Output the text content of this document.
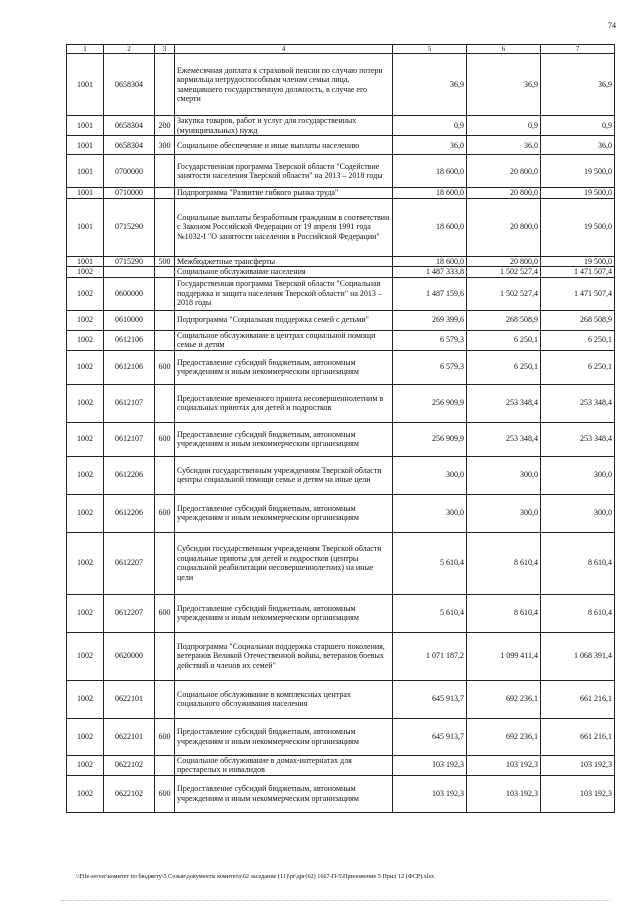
74
1	2	3	4	5	6	7
1001	0658304		Ежемесячная доплата к страховой пенсии по случаю потери кормильца нетрудоспособным членам семьи лица, замещавшего государственную должность, в случае его смерти	36,9	36,9	36,9
1001	0658304	200	Закупка товаров, работ и услуг для государственных (муниципальных) нужд	0,9	0,9	0,9
1001	0658304	300	Социальное обеспечение и иные выплаты населению	36,0	36,0	36,0
1001	0700000		Государственная программа Тверской области "Содействие занятости населения Тверской области" на 2013 – 2018 годы	18 600,0	20 800,0	19 500,0
1001	0710000		Подпрограмма "Развитие гибкого рынка труда"	18 600,0	20 800,0	19 500,0
1001	0715290		Социальные выплаты безработным гражданам в соответствии с Законом Российской Федерации от 19 апреля 1991 года №1032-I "О занятости населения в Российской Федерации"	18 600,0	20 800,0	19 500,0
1001	0715290	500	Межбюджетные трансферты	18 600,0	20 800,0	19 500,0
1002			Социальное обслуживание населения	1 487 333,8	1 502 527,4	1 471 507,4
1002	0600000		Государственная программа Тверской области "Социальная поддержка и защита населения Тверской области" на 2013 – 2018 годы	1 487 159,6	1 502 527,4	1 471 507,4
1002	0610000		Подпрограмма "Социальная поддержка семей с детьми"	269 399,6	268 508,9	268 508,9
1002	0612106		Социальное обслуживание в центрах социальной помощи семье и детям	6 579,3	6 250,1	6 250,1
1002	0612106	600	Предоставление субсидий бюджетным, автономным учреждениям и иным некоммерческим организациям	6 579,3	6 250,1	6 250,1
1002	0612107		Предоставление временного приюта несовершеннолетним в социальных приютах для детей и подростков	256 909,9	253 348,4	253 348,4
1002	0612107	600	Предоставление субсидий бюджетным, автономным учреждениям и иным некоммерческим организациям	256 909,9	253 348,4	253 348,4
1002	0612206		Субсидии государственным учреждениям Тверской области центры социальной помощи семье и детям на иные цели	300,0	300,0	300,0
1002	0612206	600	Предоставление субсидий бюджетным, автономным учреждениям и иным некоммерческим организациям	300,0	300,0	300,0
1002	0612207		Субсидии государственным учреждениям Тверской области социальные приюты для детей и подростков (центры социальной реабилитации несовершеннолетних) на иные цели	5 610,4	8 610,4	8 610,4
1002	0612207	600	Предоставление субсидий бюджетным, автономным учреждениям и иным некоммерческим организациям	5 610,4	8 610,4	8 610,4
1002	0620000		Подпрограмма "Социальная поддержка старшего поколения, ветеранов Великой Отечественной войны, ветеранов боевых действий и членов их семей"	1 071 187,2	1 099 411,4	1 068 391,4
1002	0622101		Социальное обслуживание в комплексных центрах социального обслуживания населения	645 913,7	692 236,1	661 216,1
1002	0622101	600	Предоставление субсидий бюджетным, автономным учреждениям и иным некоммерческим организациям	645 913,7	692 236,1	661 216,1
1002	0622102		Социальное обслуживание в домах-интернатах для престарелых и инвалидов	103 192,3	103 192,3	103 192,3
1002	0622102	600	Предоставление субсидий бюджетным, автономным учреждениям и иным некоммерческим организациям	103 192,3	103 192,3	103 192,3
\\File-server\комитет по бюджету\5 Созыв\документы комитета\62 заседание (11)\pr\дрг(62) 1667-П-5\Приложение 5 Прил 12 (ФСР).xlsx
